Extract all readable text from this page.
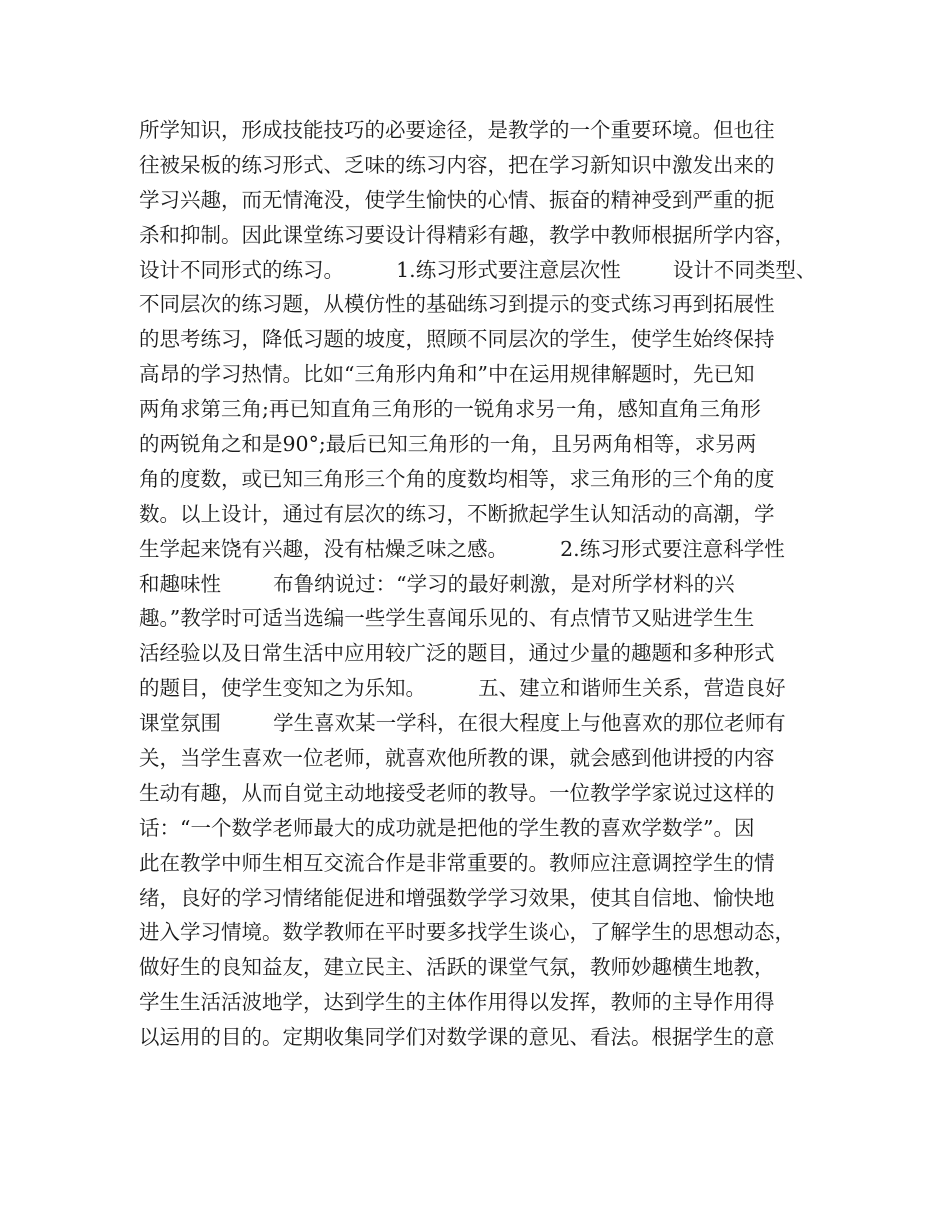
所学知识，形成技能技巧的必要途径，是教学的一个重要环境。但也往
往被呆板的练习形式、乏味的练习内容，把在学习新知识中激发出来的
学习兴趣，而无情淹没，使学生愉快的心情、振奋的精神受到严重的扼
杀和抑制。因此课堂练习要设计得精彩有趣，教学中教师根据所学内容，
设计不同形式的练习。        1.练习形式要注意层次性        设计不同类型、
不同层次的练习题，从模仿性的基础练习到提示的变式练习再到拓展性
的思考练习，降低习题的坡度，照顾不同层次的学生，使学生始终保持
高昂的学习热情。比如“三角形内角和”中在运用规律解题时，先已知
两角求第三角;再已知直角三角形的一锐角求另一角，感知直角三角形
的两锐角之和是90°;最后已知三角形的一角，且另两角相等，求另两
角的度数，或已知三角形三个角的度数均相等，求三角形的三个角的度
数。以上设计，通过有层次的练习，不断掀起学生认知活动的高潮，学
生学起来饶有兴趣，没有枯燥乏味之感。        2.练习形式要注意科学性
和趣味性        布鲁纳说过：“学习的最好刺激，是对所学材料的兴
趣。”教学时可适当选编一些学生喜闻乐见的、有点情节又贴进学生生
活经验以及日常生活中应用较广泛的题目，通过少量的趣题和多种形式
的题目，使学生变知之为乐知。        五、建立和谐师生关系，营造良好
课堂氛围        学生喜欢某一学科，在很大程度上与他喜欢的那位老师有
关，当学生喜欢一位老师，就喜欢他所教的课，就会感到他讲授的内容
生动有趣，从而自觉主动地接受老师的教导。一位教学学家说过这样的
话：“一个数学老师最大的成功就是把他的学生教的喜欢学数学”。因
此在教学中师生相互交流合作是非常重要的。教师应注意调控学生的情
绪，良好的学习情绪能促进和增强数学学习效果，使其自信地、愉快地
进入学习情境。数学教师在平时要多找学生谈心，了解学生的思想动态，
做好生的良知益友，建立民主、活跃的课堂气氛，教师妙趣横生地教，
学生生活活波地学，达到学生的主体作用得以发挥，教师的主导作用得
以运用的目的。定期收集同学们对数学课的意见、看法。根据学生的意
